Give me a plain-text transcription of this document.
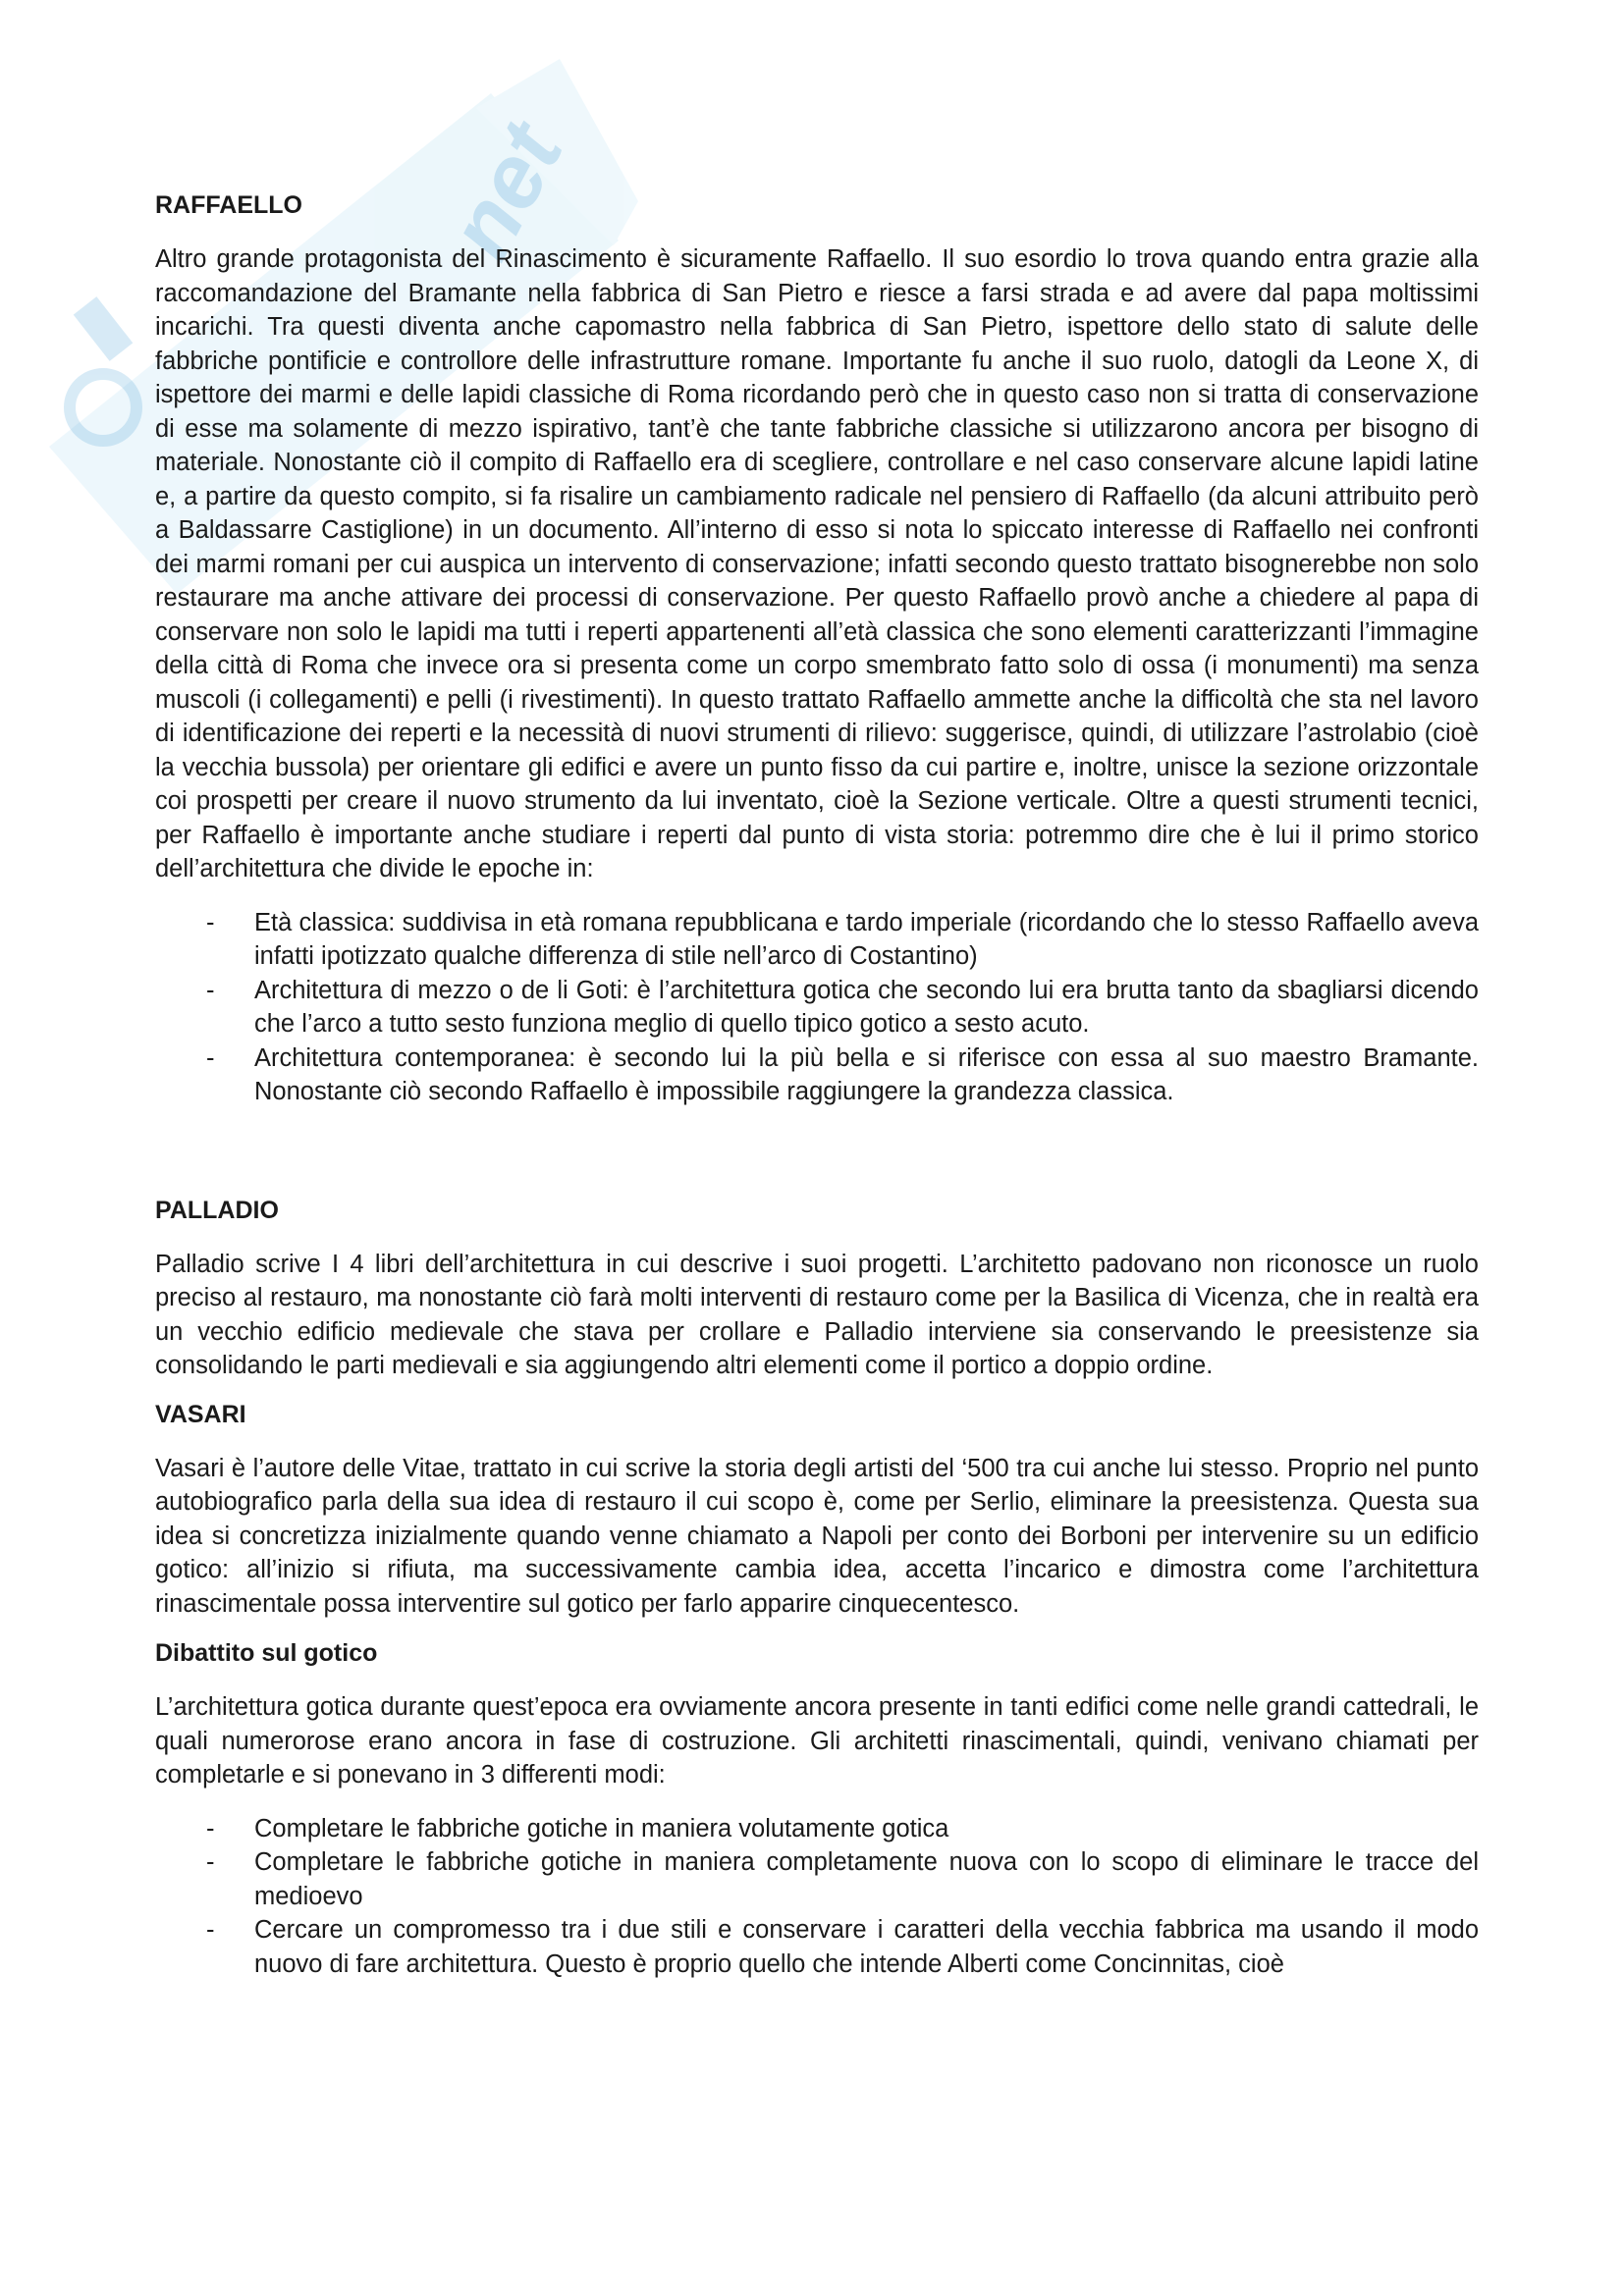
net
RAFFAELLO

Altro grande protagonista del Rinascimento è sicuramente Raffaello. Il suo esordio lo trova quando entra grazie alla raccomandazione del Bramante nella fabbrica di San Pietro e riesce a farsi strada e ad avere dal papa moltissimi incarichi. Tra questi diventa anche capomastro nella fabbrica di San Pietro, ispettore dello stato di salute delle fabbriche pontificie e controllore delle infrastrutture romane. Importante fu anche il suo ruolo, datogli da Leone X, di ispettore dei marmi e delle lapidi classiche di Roma ricordando però che in questo caso non si tratta di conservazione di esse ma solamente di mezzo ispirativo, tant’è che tante fabbriche classiche si utilizzarono ancora per bisogno di materiale. Nonostante ciò il compito di Raffaello era di scegliere, controllare e nel caso conservare alcune lapidi latine e, a partire da questo compito, si fa risalire un cambiamento radicale nel pensiero di Raffaello (da alcuni attribuito però a Baldassarre Castiglione) in un documento. All’interno di esso si nota lo spiccato interesse di Raffaello nei confronti dei marmi romani per cui auspica un intervento di conservazione; infatti secondo questo trattato bisognerebbe non solo restaurare ma anche attivare dei processi di conservazione. Per questo Raffaello provò anche a chiedere al papa di conservare non solo le lapidi ma tutti i reperti appartenenti all’età classica che sono elementi caratterizzanti l’immagine della città di Roma che invece ora si presenta come un corpo smembrato fatto solo di ossa (i monumenti) ma senza muscoli (i collegamenti) e pelli (i rivestimenti). In questo trattato Raffaello ammette anche la difficoltà che sta nel lavoro di identificazione dei reperti e la necessità di nuovi strumenti di rilievo: suggerisce, quindi, di utilizzare l’astrolabio (cioè la vecchia bussola) per orientare gli edifici e avere un punto fisso da cui partire e, inoltre, unisce la sezione orizzontale coi prospetti per creare il nuovo strumento da lui inventato, cioè la Sezione verticale. Oltre a questi strumenti tecnici, per Raffaello è importante anche studiare i reperti dal punto di vista storia: potremmo dire che è lui il primo storico dell’architettura che divide le epoche in:

- Età classica: suddivisa in età romana repubblicana e tardo imperiale (ricordando che lo stesso Raffaello aveva infatti ipotizzato qualche differenza di stile nell’arco di Costantino)
- Architettura di mezzo o de li Goti: è l’architettura gotica che secondo lui era brutta tanto da sbagliarsi dicendo che l’arco a tutto sesto funziona meglio di quello tipico gotico a sesto acuto.
- Architettura contemporanea: è secondo lui la più bella e si riferisce con essa al suo maestro Bramante. Nonostante ciò secondo Raffaello è impossibile raggiungere la grandezza classica.
PALLADIO

Palladio scrive I 4 libri dell’architettura in cui descrive i suoi progetti. L’architetto padovano non riconosce un ruolo preciso al restauro, ma nonostante ciò farà molti interventi di restauro come per la Basilica di Vicenza, che in realtà era un vecchio edificio medievale che stava per crollare e Palladio interviene sia conservando le preesistenze sia consolidando le parti medievali e sia aggiungendo altri elementi come il portico a doppio ordine.

VASARI

Vasari è l’autore delle Vitae, trattato in cui scrive la storia degli artisti del ‘500 tra cui anche lui stesso. Proprio nel punto autobiografico parla della sua idea di restauro il cui scopo è, come per Serlio, eliminare la preesistenza. Questa sua idea si concretizza inizialmente quando venne chiamato a Napoli per conto dei Borboni per intervenire su un edificio gotico: all’inizio si rifiuta, ma successivamente cambia idea, accetta l’incarico e dimostra come l’architettura rinascimentale possa interventire sul gotico per farlo apparire cinquecentesco.

Dibattito sul gotico

L’architettura gotica durante quest’epoca era ovviamente ancora presente in tanti edifici come nelle grandi cattedrali, le quali numerorose erano ancora in fase di costruzione. Gli architetti rinascimentali, quindi, venivano chiamati per completarle e si ponevano in 3 differenti modi:

- Completare le fabbriche gotiche in maniera volutamente gotica
- Completare le fabbriche gotiche in maniera completamente nuova con lo scopo di eliminare le tracce del medioevo
- Cercare un compromesso tra i due stili e conservare i caratteri della vecchia fabbrica ma usando il modo nuovo di fare architettura. Questo è proprio quello che intende Alberti come Concinnitas, cioè
